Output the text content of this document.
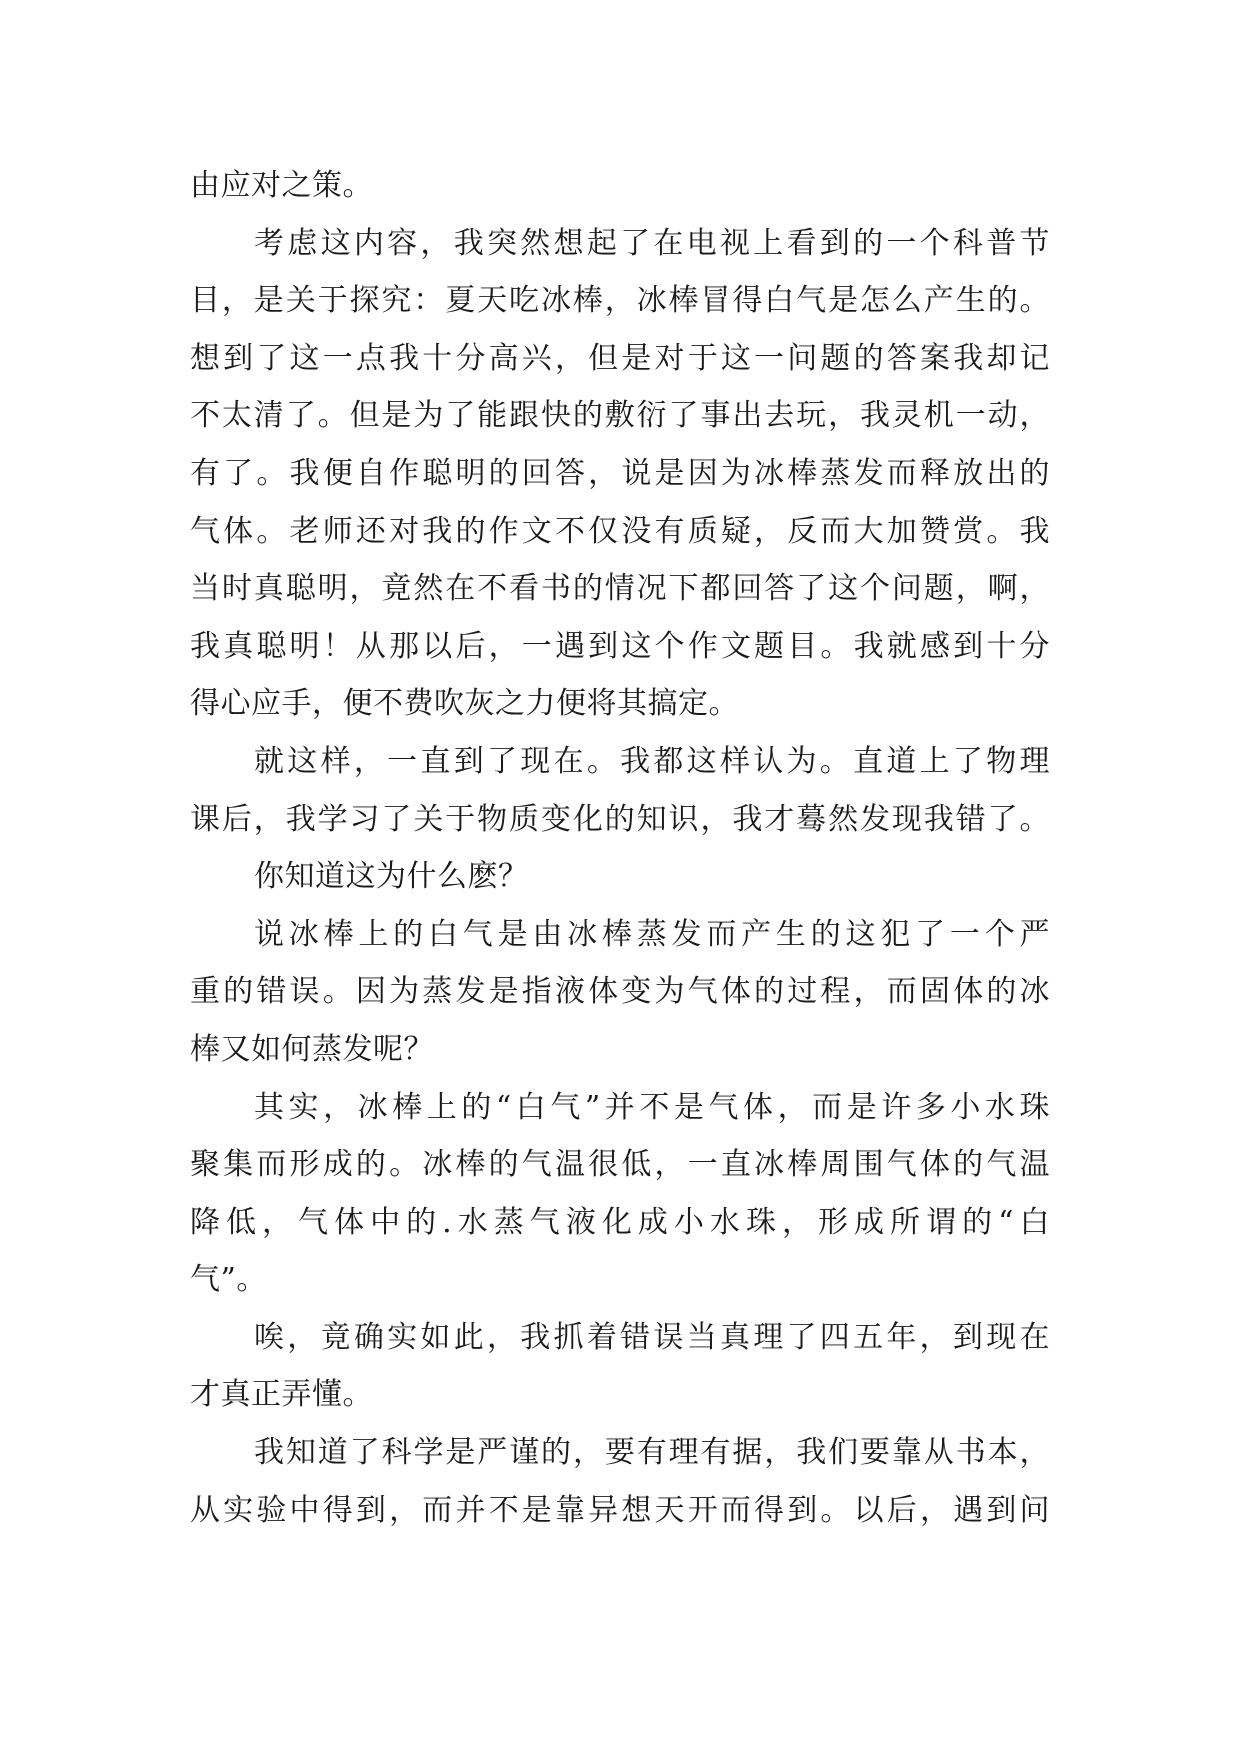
由应对之策。
考虑这内容，我突然想起了在电视上看到的一个科普节
目，是关于探究：夏天吃冰棒，冰棒冒得白气是怎么产生的。
想到了这一点我十分高兴，但是对于这一问题的答案我却记
不太清了。但是为了能跟快的敷衍了事出去玩，我灵机一动，
有了。我便自作聪明的回答，说是因为冰棒蒸发而释放出的
气体。老师还对我的作文不仅没有质疑，反而大加赞赏。我
当时真聪明，竟然在不看书的情况下都回答了这个问题，啊，
我真聪明！从那以后，一遇到这个作文题目。我就感到十分
得心应手，便不费吹灰之力便将其搞定。
就这样，一直到了现在。我都这样认为。直道上了物理
课后，我学习了关于物质变化的知识，我才蓦然发现我错了。
你知道这为什么麽？
说冰棒上的白气是由冰棒蒸发而产生的这犯了一个严
重的错误。因为蒸发是指液体变为气体的过程，而固体的冰
棒又如何蒸发呢？
其实，冰棒上的“白气”并不是气体，而是许多小水珠
聚集而形成的。冰棒的气温很低，一直冰棒周围气体的气温
降低，气体中的.水蒸气液化成小水珠，形成所谓的“白
气”。
唉，竟确实如此，我抓着错误当真理了四五年，到现在
才真正弄懂。
我知道了科学是严谨的，要有理有据，我们要靠从书本，
从实验中得到，而并不是靠异想天开而得到。以后，遇到问
